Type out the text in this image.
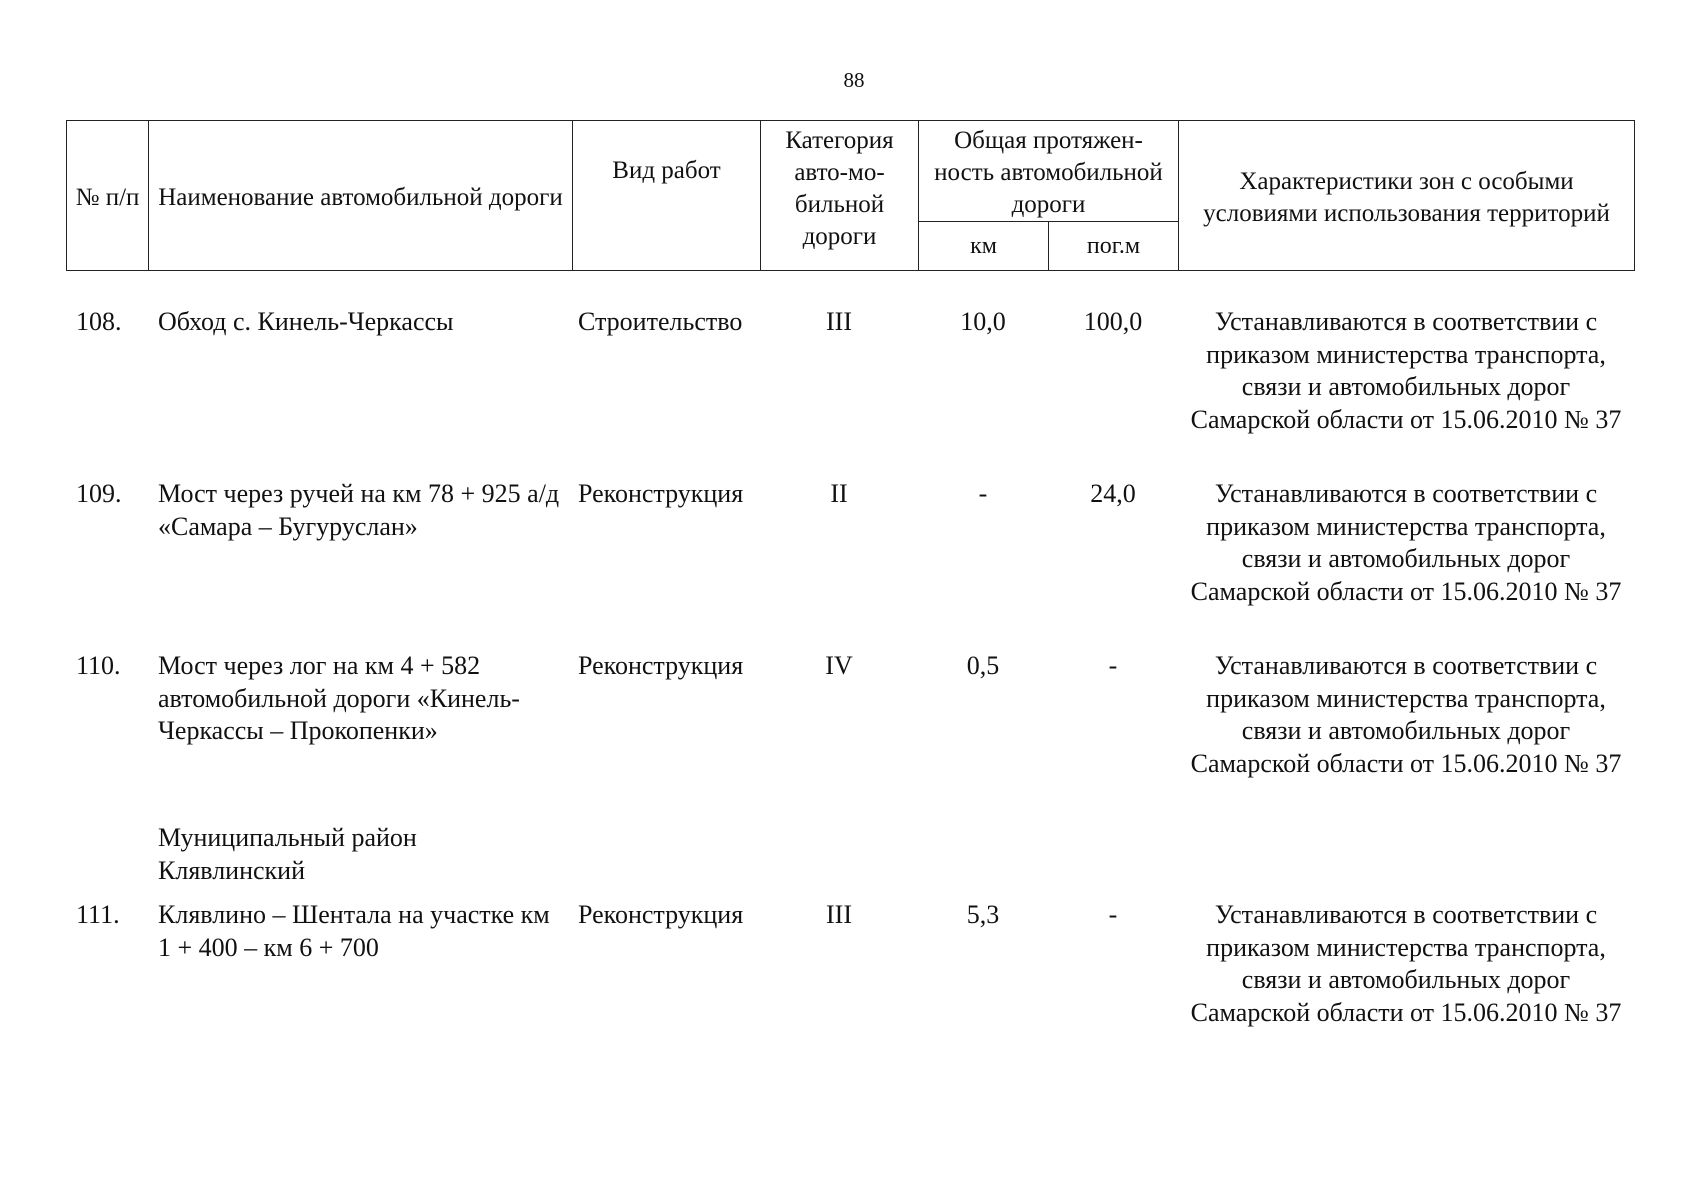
88
№ п/п	Наименование автомобильной дороги	Вид работ	Категория авто-мо-бильной дороги	Общая протяжен-ность автомобильной дороги		Характеристики зон с особыми условиями использования территорий
				км	пог.м	
108.	Обход с. Кинель-Черкассы	Строительство	III	10,0	100,0	Устанавливаются в соответствии с приказом министерства транспорта, связи и автомобильных дорог Самарской области от 15.06.2010 № 37
109.	Мост через ручей на км 78 + 925 а/д «Самара – Бугуруслан»	Реконструкция	II	-	24,0	Устанавливаются в соответствии с приказом министерства транспорта, связи и автомобильных дорог Самарской области от 15.06.2010 № 37
110.	Мост через лог на км 4 + 582 автомобильной дороги «Кинель-Черкассы – Прокопенки»	Реконструкция	IV	0,5	-	Устанавливаются в соответствии с приказом министерства транспорта, связи и автомобильных дорог Самарской области от 15.06.2010 № 37
	Муниципальный район Клявлинский					
111.	Клявлино – Шентала на участке км 1 + 400 – км 6 + 700	Реконструкция	III	5,3	-	Устанавливаются в соответствии с приказом министерства транспорта, связи и автомобильных дорог Самарской области от 15.06.2010 № 37
